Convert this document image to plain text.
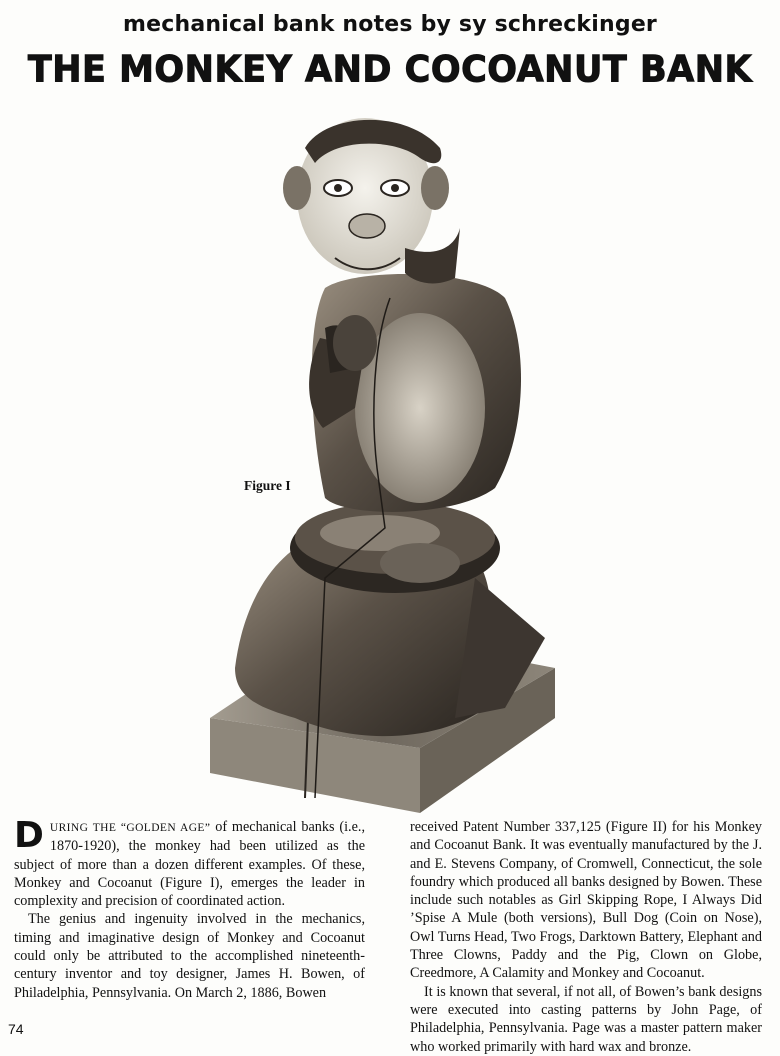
mechanical bank notes by sy schreckinger
THE MONKEY AND COCOANUT BANK
Figure I

DURING THE “GOLDEN AGE” of mechanical banks (i.e., 1870-1920), the monkey had been utilized as the subject of more than a dozen different examples. Of these, Monkey and Cocoanut (Figure I), emerges the leader in complexity and precision of coordinated action.

The genius and ingenuity involved in the mechanics, timing and imaginative design of Monkey and Cocoanut could only be attributed to the accomplished nineteenth-century inventor and toy designer, James H. Bowen, of Philadelphia, Pennsylvania. On March 2, 1886, Bowen

received Patent Number 337,125 (Figure II) for his Monkey and Cocoanut Bank. It was eventually manufactured by the J. and E. Stevens Company, of Cromwell, Connecticut, the sole foundry which produced all banks designed by Bowen. These include such notables as Girl Skipping Rope, I Always Did ’Spise A Mule (both versions), Bull Dog (Coin on Nose), Owl Turns Head, Two Frogs, Darktown Battery, Elephant and Three Clowns, Paddy and the Pig, Clown on Globe, Creedmore, A Calamity and Monkey and Cocoanut.

It is known that several, if not all, of Bowen’s bank designs were executed into casting patterns by John Page, of Philadelphia, Pennsylvania. Page was a master pattern maker who worked primarily with hard wax and bronze.

74
